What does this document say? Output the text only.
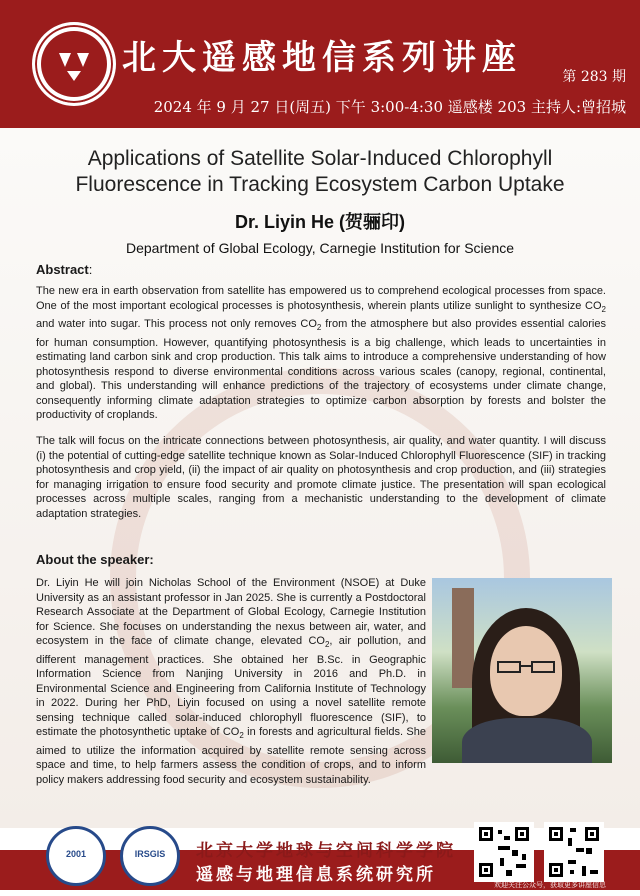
北大遥感地信系列讲座	第 283 期
2024 年 9 月 27 日(周五) 下午 3:00-4:30 遥感楼 203 主持人:曾招城
Applications of Satellite Solar-Induced Chlorophyll
Fluorescence in Tracking Ecosystem Carbon Uptake
Dr. Liyin He (贺骊印)
Department of Global Ecology, Carnegie Institution for Science
Abstract:
The new era in earth observation from satellite has empowered us to comprehend ecological processes from space. One of the most important ecological processes is photosynthesis, wherein plants utilize sunlight to synthesize $CO_2$ and water into sugar. This process not only removes $CO_2$ from the atmosphere but also provides essential calories for human consumption. However, quantifying photosynthesis is a big challenge, which leads to uncertainties in estimating land carbon sink and crop production. This talk aims to introduce a comprehensive understanding of how photosynthesis respond to diverse environmental conditions across various scales (canopy, regional, continental, and global). This understanding will enhance predictions of the trajectory of ecosystems under climate change, consequently informing climate adaptation strategies to optimize carbon absorption by forests and bolster the productivity of croplands.
The talk will focus on the intricate connections between photosynthesis, air quality, and water quantity. I will discuss (i) the potential of cutting-edge satellite technique known as Solar-Induced Chlorophyll Fluorescence (SIF) in tracking photosynthesis and crop yield, (ii) the impact of air quality on photosynthesis and crop production, and (iii) strategies for managing irrigation to ensure food security and promote climate justice. The presentation will span ecological processes across multiple scales, ranging from a mechanistic understanding to the development of climate adaptation strategies.
About the speaker:
Dr. Liyin He will join Nicholas School of the Environment (NSOE) at Duke University as an assistant professor in Jan 2025. She is currently a Postdoctoral Research Associate at the Department of Global Ecology, Carnegie Institution for Science. She focuses on understanding the nexus between air, water, and ecosystem in the face of climate change, elevated $CO_2$, air pollution, and different management practices. She obtained her B.Sc. in Geographic Information Science from Nanjing University in 2016 and Ph.D. in Environmental Science and Engineering from California Institute of Technology in 2022. During her PhD, Liyin focused on using a novel satellite remote sensing technique called solar-induced chlorophyll fluorescence (SIF), to estimate the photosynthetic uptake of $CO_2$ in forests and agricultural fields. She aimed to utilize the information acquired by satellite remote sensing across space and time, to help farmers assess the condition of crops, and to inform policy makers addressing food security and ecosystem sustainability.
2001	IRSGIS	北京大学地球与空间科学学院
遥感与地理信息系统研究所
欢迎关注公众号，获取更多讲座信息
